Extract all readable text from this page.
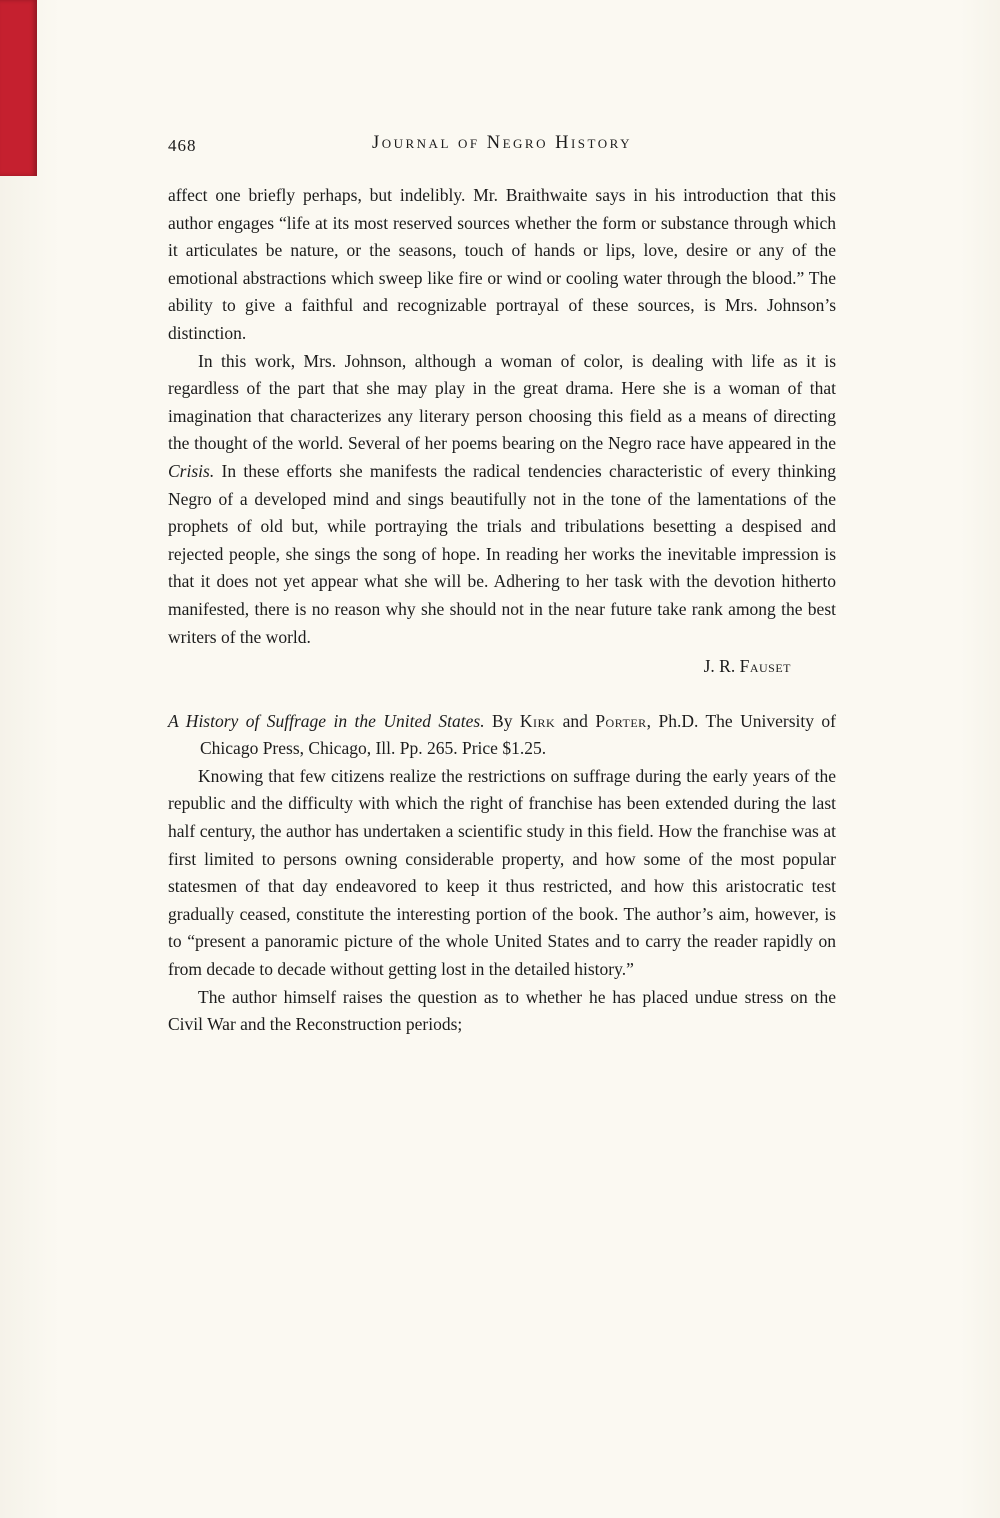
468	Journal of Negro History

affect one briefly perhaps, but indelibly. Mr. Braithwaite says in his introduction that this author engages “life at its most reserved sources whether the form or substance through which it articulates be nature, or the seasons, touch of hands or lips, love, desire or any of the emotional abstractions which sweep like fire or wind or cooling water through the blood.” The ability to give a faithful and recognizable portrayal of these sources, is Mrs. Johnson’s distinction.

In this work, Mrs. Johnson, although a woman of color, is dealing with life as it is regardless of the part that she may play in the great drama. Here she is a woman of that imagination that characterizes any literary person choosing this field as a means of directing the thought of the world. Several of her poems bearing on the Negro race have appeared in the Crisis. In these efforts she manifests the radical tendencies characteristic of every thinking Negro of a developed mind and sings beautifully not in the tone of the lamentations of the prophets of old but, while portraying the trials and tribulations besetting a despised and rejected people, she sings the song of hope. In reading her works the inevitable impression is that it does not yet appear what she will be. Adhering to her task with the devotion hitherto manifested, there is no reason why she should not in the near future take rank among the best writers of the world.

J. R. Fauset

A History of Suffrage in the United States. By Kirk and Porter, Ph.D. The University of Chicago Press, Chicago, Ill. Pp. 265. Price $1.25.

Knowing that few citizens realize the restrictions on suffrage during the early years of the republic and the difficulty with which the right of franchise has been extended during the last half century, the author has undertaken a scientific study in this field. How the franchise was at first limited to persons owning considerable property, and how some of the most popular statesmen of that day endeavored to keep it thus restricted, and how this aristocratic test gradually ceased, constitute the interesting portion of the book. The author’s aim, however, is to “present a panoramic picture of the whole United States and to carry the reader rapidly on from decade to decade without getting lost in the detailed history.”

The author himself raises the question as to whether he has placed undue stress on the Civil War and the Reconstruction periods;
